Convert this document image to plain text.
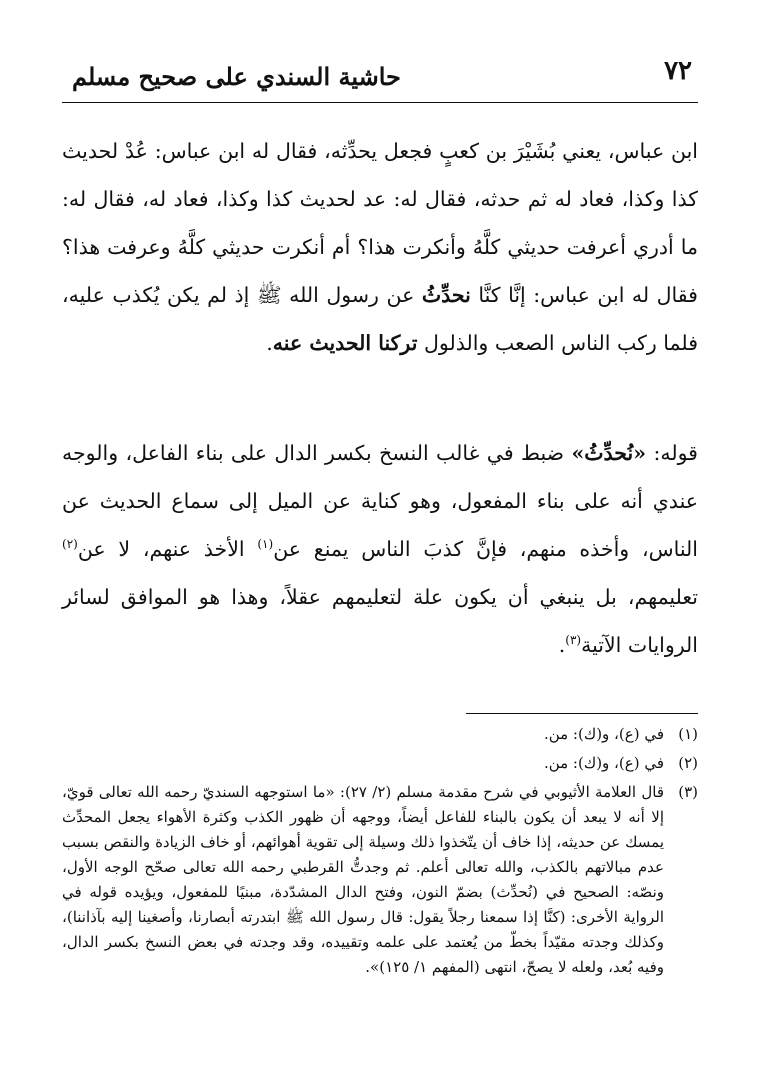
٧٢
حاشية السندي على صحيح مسلم

ابن عباس، يعني بُشَيْرَ بن كعبٍ فجعل يحدِّثه، فقال له ابن عباس: عُدْ لحديث كذا وكذا، فعاد له ثم حدثه، فقال له: عد لحديث كذا وكذا، فعاد له، فقال له: ما أدري أعرفت حديثي كلَّهُ وأنكرت هذا؟ أم أنكرت حديثي كلَّهُ وعرفت هذا؟ فقال له ابن عباس: إنَّا كنَّا نحدِّثُ عن رسول الله ﷺ إذ لم يكن يُكذب عليه، فلما ركب الناس الصعب والذلول تركنا الحديث عنه.

قوله: «نُحدِّثُ» ضبط في غالب النسخ بكسر الدال على بناء الفاعل، والوجه عندي أنه على بناء المفعول، وهو كناية عن الميل إلى سماع الحديث عن الناس، وأخذه منهم، فإنَّ كذبَ الناس يمنع عن$^{(١)}$ الأخذ عنهم، لا عن$^{(٢)}$ تعليمهم، بل ينبغي أن يكون علة لتعليمهم عقلاً، وهذا هو الموافق لسائر الروايات الآتية$^{(٣)}$.

(١)
في (ع)، و(ك): من.
(٢)
في (ع)، و(ك): من.
(٣)
قال العلامة الأثيوبي في شرح مقدمة مسلم (٢/ ٢٧): «ما استوجهه السنديّ رحمه الله تعالى قويّ، إلا أنه لا يبعد أن يكون بالبناء للفاعل أيضاً، ووجهه أن ظهور الكذب وكثرة الأهواء يجعل المحدِّث يمسك عن حديثه، إذا خاف أن يتّخذوا ذلك وسيلة إلى تقوية أهوائهم، أو خاف الزيادة والنقص بسبب عدم مبالاتهم بالكذب، والله تعالى أعلم. ثم وجدتُّ القرطبي رحمه الله تعالى صحّح الوجه الأول، ونصّه: الصحيح في (نُحدِّث) بضمّ النون، وفتح الدال المشدّدة، مبنيًا للمفعول، ويؤيده قوله في الرواية الأخرى: (كنَّا إذا سمعنا رجلاً يقول: قال رسول الله ﷺ ابتدرته أبصارنا، وأصغينا إليه بآذاننا)، وكذلك وجدته مقيّداً بخطّ من يُعتمد على علمه وتقييده، وقد وجدته في بعض النسخ بكسر الدال، وفيه بُعد، ولعله لا يصحّ، انتهى (المفهم ١/ ١٢٥)».
